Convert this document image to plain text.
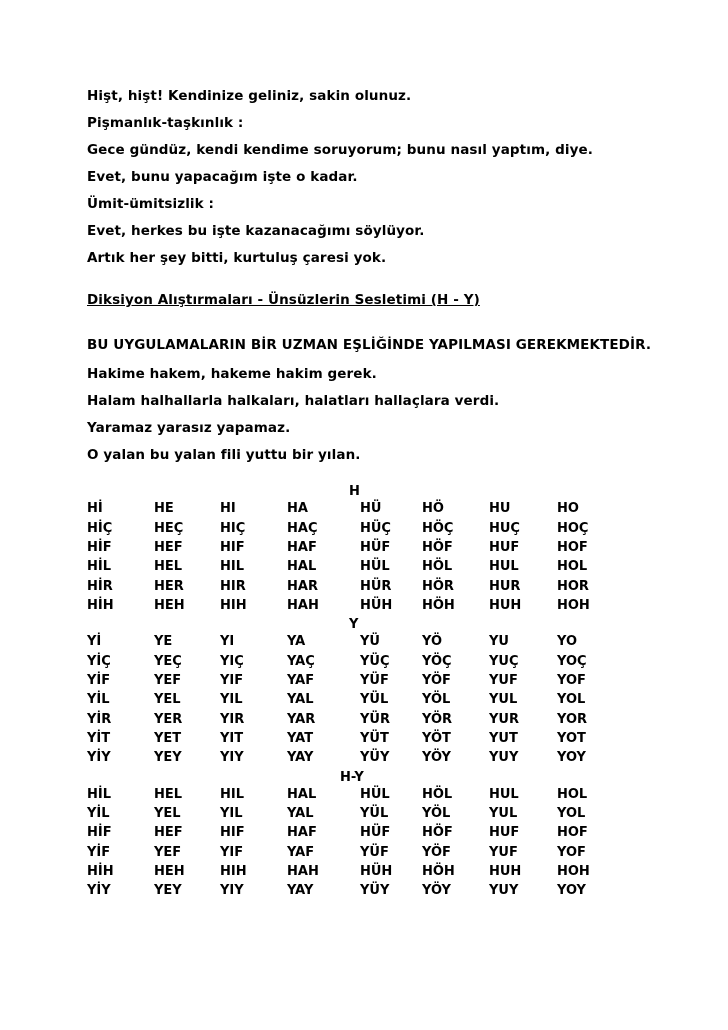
Hişt, hişt! Kendinize geliniz, sakin olunuz.
Pişmanlık-taşkınlık :
Gece gündüz, kendi kendime soruyorum; bunu nasıl yaptım, diye.
Evet, bunu yapacağım işte o kadar.
Ümit-ümitsizlik :
Evet, herkes bu işte kazanacağımı söylüyor.
Artık her şey bitti, kurtuluş çaresi yok.
Diksiyon Alıştırmaları - Ünsüzlerin Sesletimi (H - Y)
BU UYGULAMALARIN BİR UZMAN EŞLİĞİNDE YAPILMASI GEREKMEKTEDİR.
Hakime hakem, hakeme hakim gerek.
Halam halhallarla halkaları, halatları hallaçlara verdi.
Yaramaz yarasız yapamaz.
O yalan bu yalan fili yuttu bir yılan.
H
Hİ	HE	HI	HA	HÜ	HÖ	HU	HO
HİÇ	HEÇ	HIÇ	HAÇ	HÜÇ HÖÇ	HUÇ	HOÇ
HİF	HEF	HIF	HAF	HÜF HÖF	HUF	HOF
HİL	HEL	HIL	HAL	HÜL HÖL	HUL	HOL
HİR	HER	HIR	HAR	HÜR HÖR	HUR	HOR
HİH	HEH	HIH	HAH	HÜH HÖH	HUH	HOH
Y
Yİ	YE	YI	YA	YÜ	YÖ	YU	YO
YİÇ	YEÇ	YIÇ	YAÇ	YÜÇ YÖÇ	YUÇ	YOÇ
YİF	YEF	YIF	YAF	YÜF	YÖF	YUF	YOF
YİL	YEL	YIL	YAL	YÜL	YÖL	YUL	YOL
YİR	YER	YIR	YAR	YÜR YÖR	YUR	YOR
YİT	YET	YIT	YAT	YÜT	YÖT	YUT	YOT
YİY	YEY	YIY	YAY	YÜY	YÖY	YUY	YOY
H-Y
HİL	HEL	HIL	HAL	HÜL HÖL	HUL	HOL
YİL	YEL	YIL	YAL	YÜL	YÖL	YUL	YOL
HİF	HEF	HIF	HAF	HÜF HÖF	HUF	HOF
YİF	YEF	YIF	YAF	YÜF	YÖF	YUF	YOF
HİH	HEH	HIH	HAH	HÜH HÖH	HUH	HOH
YİY	YEY	YIY	YAY	YÜY	YÖY	YUY	YOY
